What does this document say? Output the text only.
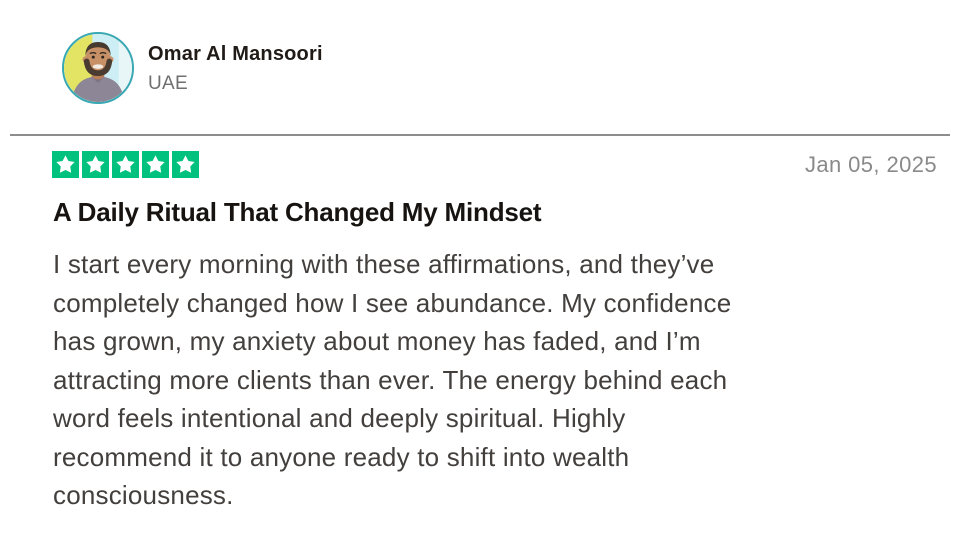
Omar Al Mansoori
UAE
Jan 05, 2025
A Daily Ritual That Changed My Mindset

I start every morning with these affirmations, and they’ve
completely changed how I see abundance. My confidence
has grown, my anxiety about money has faded, and I’m
attracting more clients than ever. The energy behind each
word feels intentional and deeply spiritual. Highly
recommend it to anyone ready to shift into wealth
consciousness.
